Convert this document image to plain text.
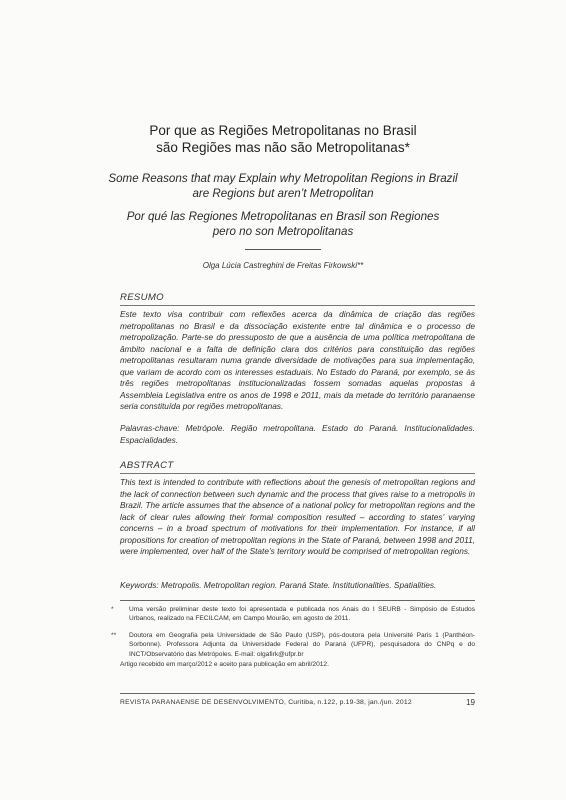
Por que as Regiões Metropolitanas no Brasil
são Regiões mas não são Metropolitanas*
Some Reasons that may Explain why Metropolitan Regions in Brazil
are Regions but aren’t Metropolitan
Por qué las Regiones Metropolitanas en Brasil son Regiones
pero no son Metropolitanas
Olga Lúcia Castreghini de Freitas Firkowski**
RESUMO

Este texto visa contribuir com reflexões acerca da dinâmica de criação das regiões metropolitanas no Brasil e da dissociação existente entre tal dinâmica e o processo de metropolização. Parte-se do pressuposto de que a ausência de uma política metropolitana de âmbito nacional e a falta de definição clara dos critérios para constituição das regiões metropolitanas resultaram numa grande diversidade de motivações para sua implementação, que variam de acordo com os interesses estaduais. No Estado do Paraná, por exemplo, se às três regiões metropolitanas institucionalizadas fossem somadas aquelas propostas à Assembleia Legislativa entre os anos de 1998 e 2011, mais da metade do território paranaense seria constituída por regiões metropolitanas.

Palavras-chave: Metrópole. Região metropolitana. Estado do Paraná. Institucionalidades. Espacialidades.

ABSTRACT

This text is intended to contribute with reflections about the genesis of metropolitan regions and the lack of connection between such dynamic and the process that gives raise to a metropolis in Brazil. The article assumes that the absence of a national policy for metropolitan regions and the lack of clear rules allowing their formal composition resulted – according to states’ varying concerns – in a broad spectrum of motivations for their implementation. For instance, if all propositions for creation of metropolitan regions in the State of Paraná, between 1998 and 2011, were implemented, over half of the State’s territory would be comprised of metropolitan regions.

Keywords: Metropolis. Metropolitan region. Paraná State. Institutionalities. Spatialities.

* Uma versão preliminar deste texto foi apresentada e publicada nos Anais do I SEURB - Simpósio de Estudos Urbanos, realizado na FECILCAM, em Campo Mourão, em agosto de 2011.

** Doutora em Geografia pela Universidade de São Paulo (USP), pós-doutora pela Université Paris 1 (Panthéon-Sorbonne). Professora Adjunta da Universidade Federal do Paraná (UFPR), pesquisadora do CNPq e do INCT/Observatório das Metrópoles. E-mail: olgafirk@ufpr.br

Artigo recebido em março/2012 e aceito para publicação em abril/2012.

REVISTA PARANAENSE DE DESENVOLVIMENTO, Curitiba, n.122, p.19-38, jan./jun. 2012	19
